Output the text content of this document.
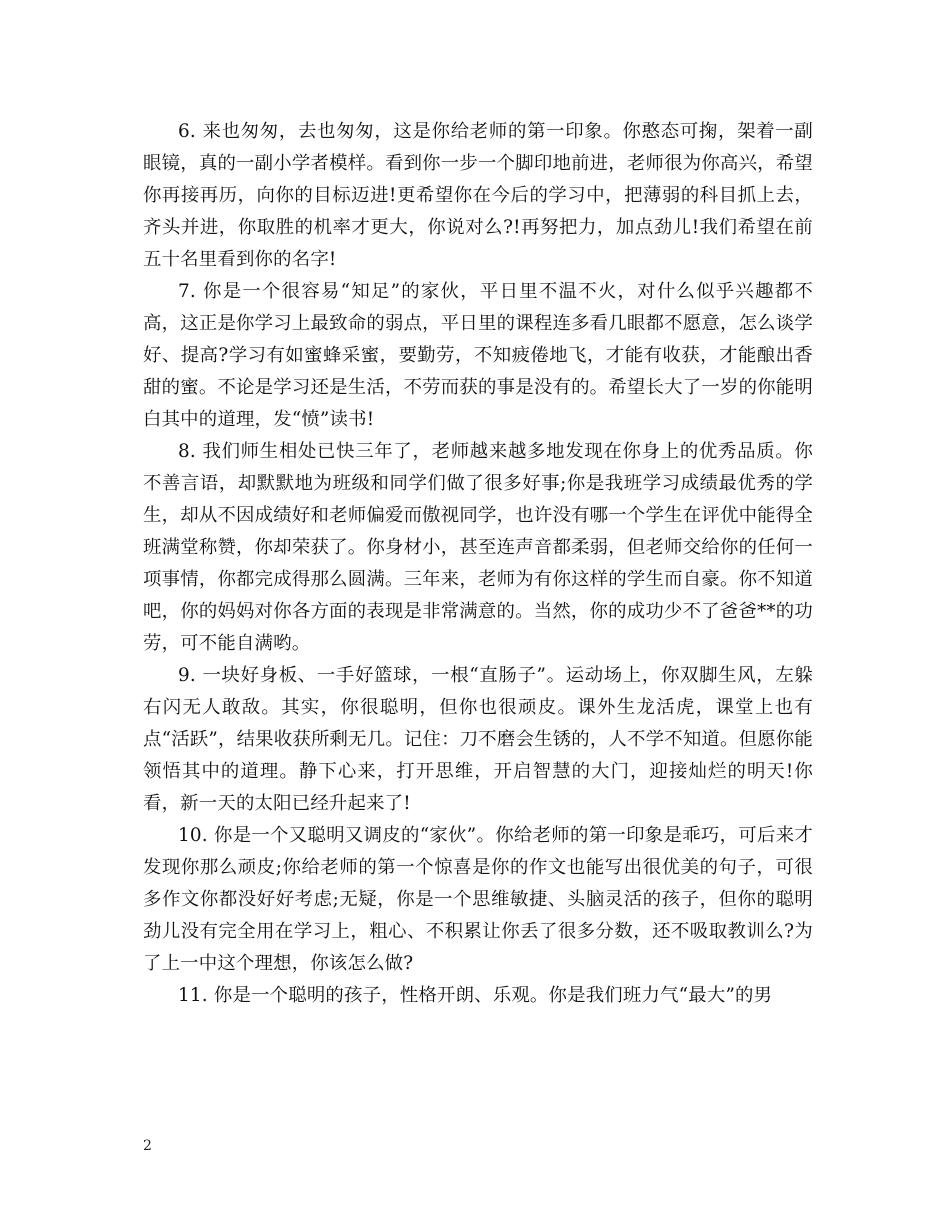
6. 来也匆匆，去也匆匆，这是你给老师的第一印象。你憨态可掬，架着一副眼镜，真的一副小学者模样。看到你一步一个脚印地前进，老师很为你高兴，希望你再接再历，向你的目标迈进!更希望你在今后的学习中，把薄弱的科目抓上去，齐头并进，你取胜的机率才更大，你说对么?!再努把力，加点劲儿!我们希望在前五十名里看到你的名字!

7. 你是一个很容易“知足”的家伙，平日里不温不火，对什么似乎兴趣都不高，这正是你学习上最致命的弱点，平日里的课程连多看几眼都不愿意，怎么谈学好、提高?学习有如蜜蜂采蜜，要勤劳，不知疲倦地飞，才能有收获，才能酿出香甜的蜜。不论是学习还是生活，不劳而获的事是没有的。希望长大了一岁的你能明白其中的道理，发“愤”读书!

8. 我们师生相处已快三年了，老师越来越多地发现在你身上的优秀品质。你不善言语，却默默地为班级和同学们做了很多好事;你是我班学习成绩最优秀的学生，却从不因成绩好和老师偏爱而傲视同学，也许没有哪一个学生在评优中能得全班满堂称赞，你却荣获了。你身材小，甚至连声音都柔弱，但老师交给你的任何一项事情，你都完成得那么圆满。三年来，老师为有你这样的学生而自豪。你不知道吧，你的妈妈对你各方面的表现是非常满意的。当然，你的成功少不了爸爸**的功劳，可不能自满哟。

9. 一块好身板、一手好篮球，一根“直肠子”。运动场上，你双脚生风，左躲右闪无人敢敌。其实，你很聪明，但你也很顽皮。课外生龙活虎，课堂上也有点“活跃”，结果收获所剩无几。记住：刀不磨会生锈的，人不学不知道。但愿你能领悟其中的道理。静下心来，打开思维，开启智慧的大门，迎接灿烂的明天!你看，新一天的太阳已经升起来了!

10. 你是一个又聪明又调皮的“家伙”。你给老师的第一印象是乖巧，可后来才发现你那么顽皮;你给老师的第一个惊喜是你的作文也能写出很优美的句子，可很多作文你都没好好考虑;无疑，你是一个思维敏捷、头脑灵活的孩子，但你的聪明劲儿没有完全用在学习上，粗心、不积累让你丢了很多分数，还不吸取教训么?为了上一中这个理想，你该怎么做?

11. 你是一个聪明的孩子，性格开朗、乐观。你是我们班力气“最大”的男

2
